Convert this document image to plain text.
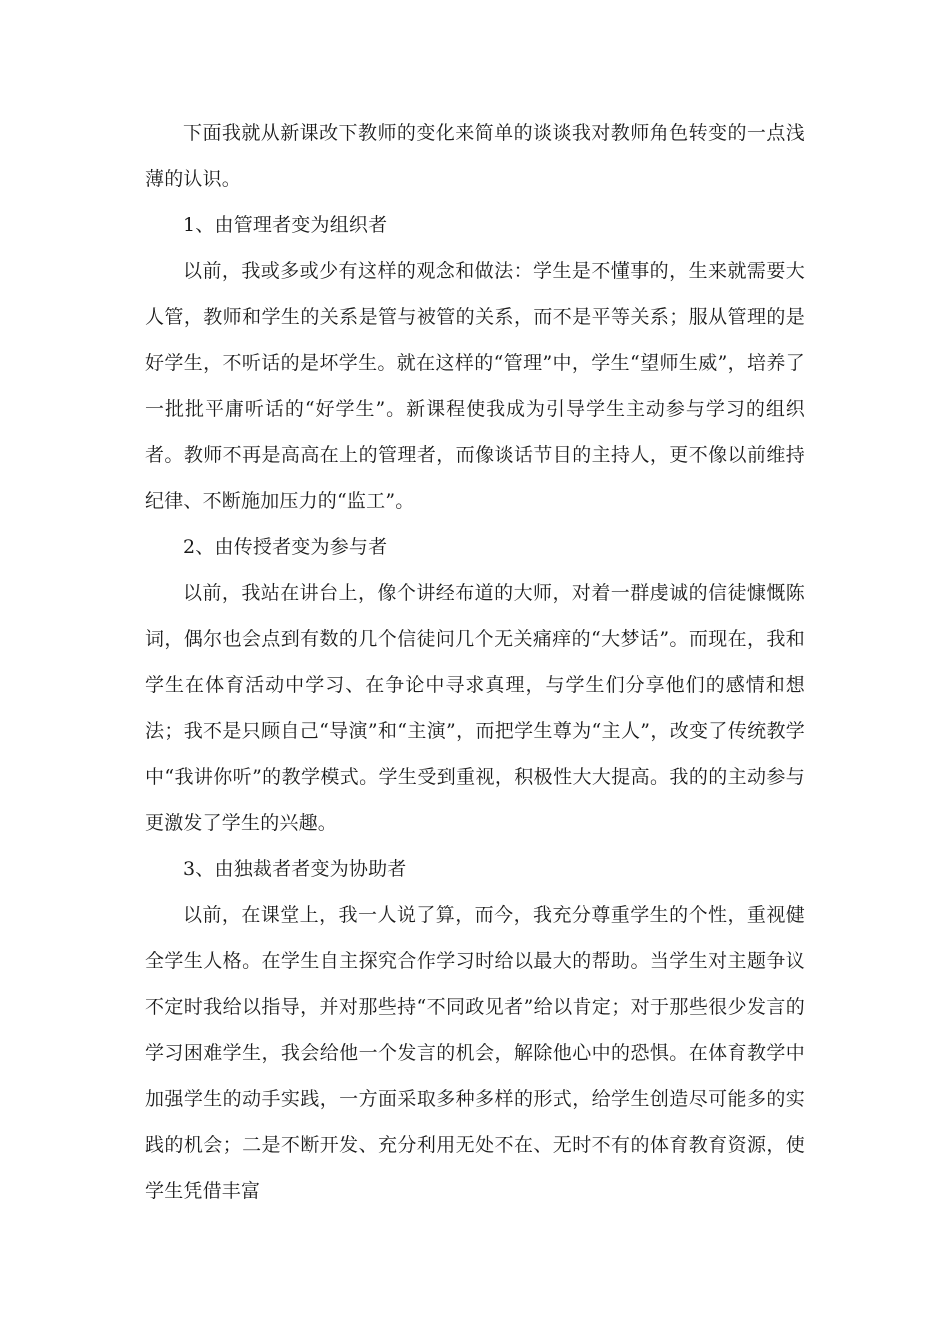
下面我就从新课改下教师的变化来简单的谈谈我对教师角色转变的一点浅薄的认识。

1、由管理者变为组织者

以前，我或多或少有这样的观念和做法：学生是不懂事的，生来就需要大人管，教师和学生的关系是管与被管的关系，而不是平等关系；服从管理的是好学生，不听话的是坏学生。就在这样的“管理”中，学生“望师生威”，培养了一批批平庸听话的“好学生”。新课程使我成为引导学生主动参与学习的组织者。教师不再是高高在上的管理者，而像谈话节目的主持人，更不像以前维持纪律、不断施加压力的“监工”。

2、由传授者变为参与者

以前，我站在讲台上，像个讲经布道的大师，对着一群虔诚的信徒慷慨陈词，偶尔也会点到有数的几个信徒问几个无关痛痒的“大梦话”。而现在，我和学生在体育活动中学习、在争论中寻求真理，与学生们分享他们的感情和想法；我不是只顾自己“导演”和“主演”，而把学生尊为“主人”，改变了传统教学中“我讲你听”的教学模式。学生受到重视，积极性大大提高。我的的主动参与更激发了学生的兴趣。

3、由独裁者者变为协助者

以前，在课堂上，我一人说了算，而今，我充分尊重学生的个性，重视健全学生人格。在学生自主探究合作学习时给以最大的帮助。当学生对主题争议不定时我给以指导，并对那些持“不同政见者”给以肯定；对于那些很少发言的学习困难学生，我会给他一个发言的机会，解除他心中的恐惧。在体育教学中加强学生的动手实践，一方面采取多种多样的形式，给学生创造尽可能多的实践的机会；二是不断开发、充分利用无处不在、无时不有的体育教育资源，使学生凭借丰富
